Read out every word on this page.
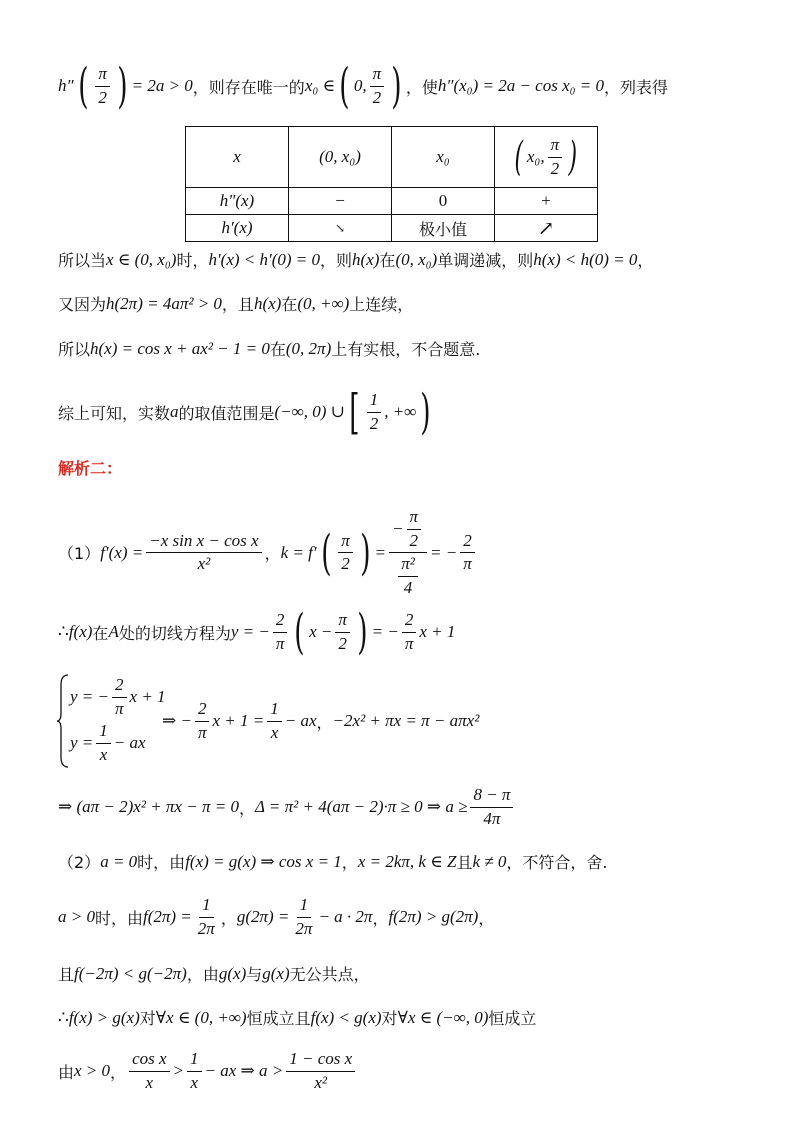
h″ ( $\frac{\pi}{2}$ ) = 2a > 0 ，则存在唯一的 x₀ ∈ ( 0, $\frac{\pi}{2}$ ) ，使 h″(x₀) = 2a − cos x₀ = 0 ，列表得
x	(0, x₀)	x₀	( x₀, $\frac{\pi}{2}$ )

h″(x)	−	0	+
h′(x)	↘	极小值	↗
所以当 x ∈ (0, x₀) 时， h′(x) < h′(0) = 0 ，则 h(x) 在 (0, x₀) 单调递减，则 h(x) < h(0) = 0 ，
又因为 h(2π) = 4aπ² > 0 ，且 h(x) 在 (0, +∞) 上连续，
所以 h(x) = cos x + ax² − 1 = 0 在 (0, 2π) 上有实根，不合题意.
综上可知，实数 a 的取值范围是 (−∞, 0) ∪ [ $\frac{1}{2}$ , +∞ )
解析二：
（1） $f'(x) = \frac{\text{−x sin x − cos x}}{\text{x²}}$ ， k = f′ ( $\frac{\pi}{2}$ ) = $\frac{- \frac{\pi}{2}}{\frac{\text{π²}}{4}}$ = − $\frac{2}{\pi}$
∴ f(x) 在 A 处的切线方程为 y = − $\frac{2}{\pi}$ ( $x - \frac{\pi}{2}$ ) = − $\frac{2}{\pi}$ x + 1
y = − $\frac{2}{\pi}$ x + 1
$y = \frac{1}{x}$ − ax
⇒ − $\frac{2}{\pi}$ $x + 1 = \frac{1}{x}$ − ax ， −2x² + πx = π − aπx²
⇒ (aπ − 2)x² + πx − π = 0 ， Δ = π² + 4(aπ − 2)·π ≥ 0 ⇒ $a \ge \frac{8 - \pi}{4\pi}$
（2） a = 0 时，由 f(x) = g(x) ⇒ cos x = 1 ， x = 2kπ, k ∈ Z 且 k ≠ 0 ，不符合，舍.
a > 0 时，由 $f(2\pi) = \frac{1}{2\pi}$ ， $g(2\pi) = \frac{1}{2\pi} - a \cdot 2\pi$ ， f(2π) > g(2π) ，
且 f(−2π) < g(−2π) ，由 g(x) 与 g(x) 无公共点，
∴ f(x) > g(x) 对 ∀x ∈ (0, +∞) 恒成立且 f(x) < g(x) 对 ∀x ∈ (−∞, 0) 恒成立
由 x > 0 ， $\frac{\text{cos x}}{x} > \frac{1}{x}$ − ax ⇒ $a > \frac{\text{1 − cos x}}{\text{x²}}$
